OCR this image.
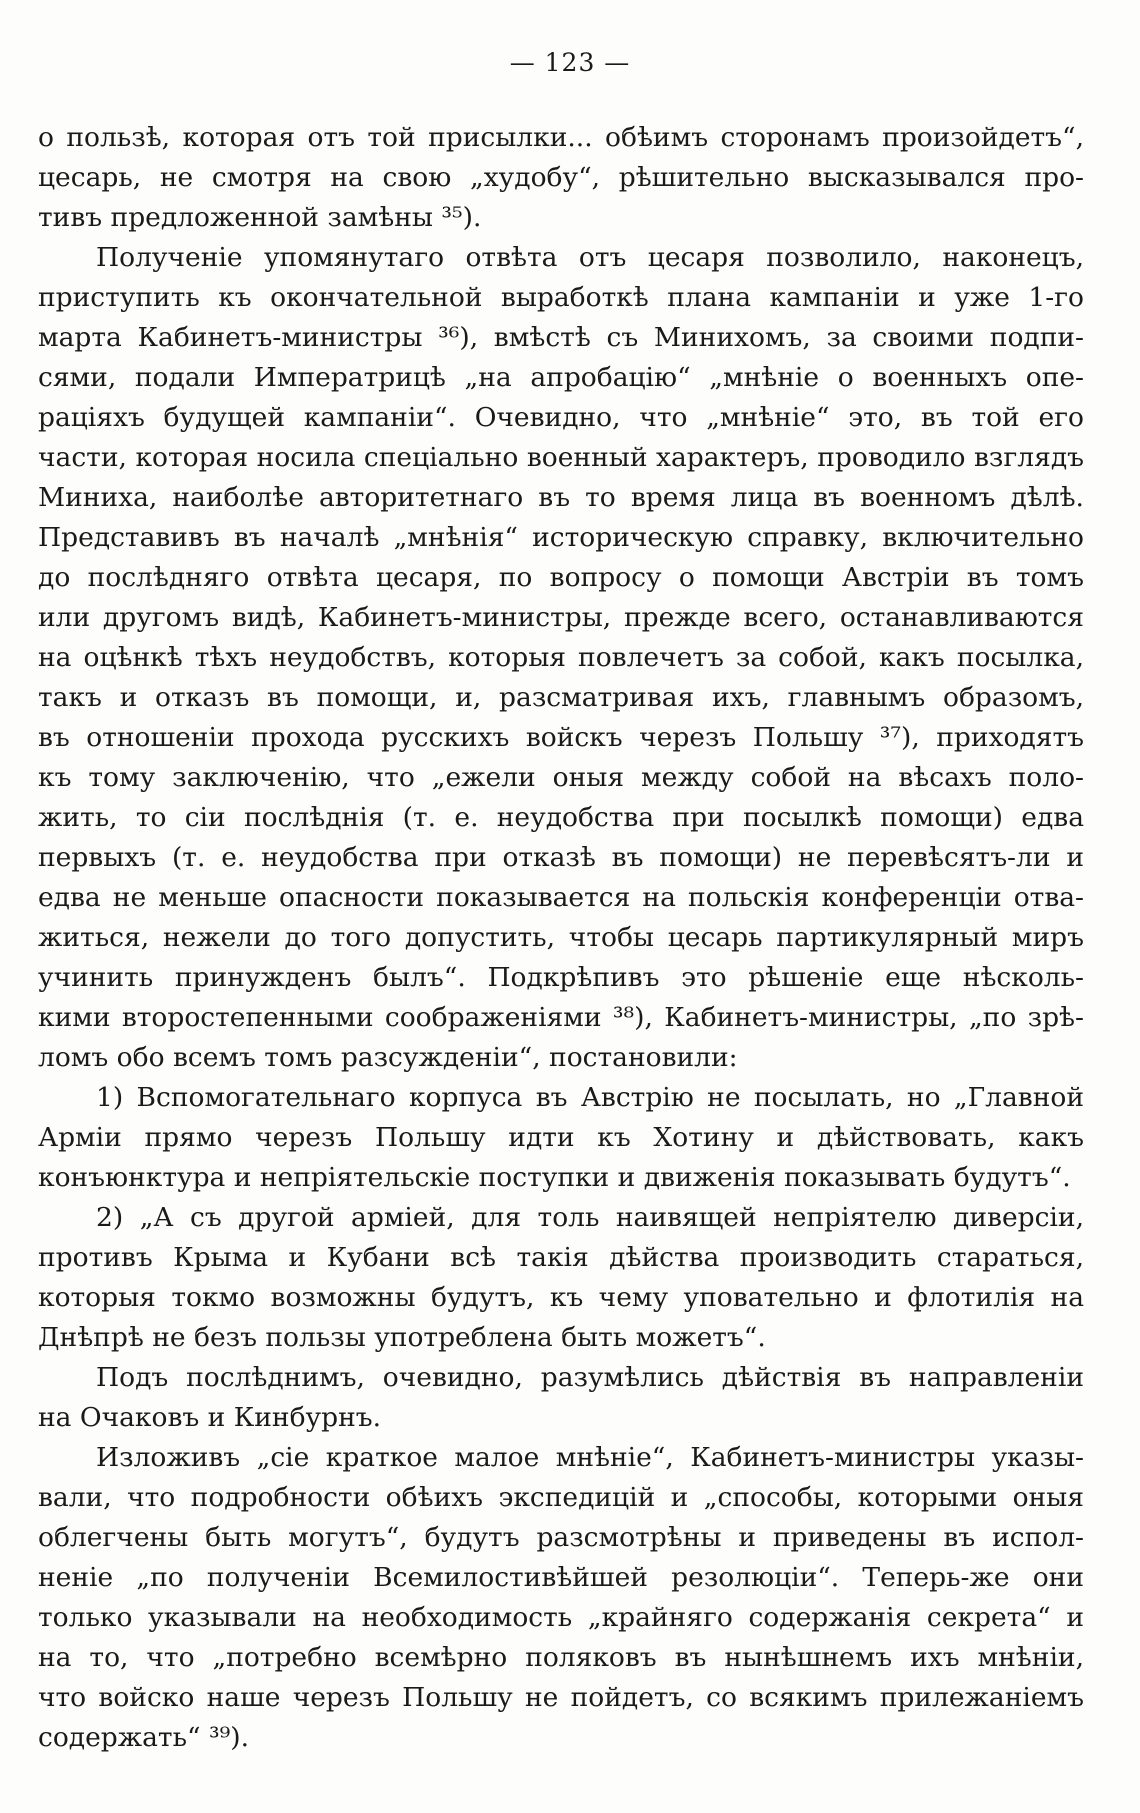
— 123 —

о пользѣ, которая отъ той присылки... обѣимъ сторонамъ произойдетъ“,
цесарь, не смотря на свою „худобу“, рѣшительно высказывался про-
тивъ предложенной замѣны ³⁵).

Полученіе упомянутаго отвѣта отъ цесаря позволило, наконецъ,
приступить къ окончательной выработкѣ плана кампаніи и уже 1-го
марта Кабинетъ-министры ³⁶), вмѣстѣ съ Минихомъ, за своими подпи-
сями, подали Императрицѣ „на апробацію“ „мнѣніе о военныхъ опе-
раціяхъ будущей кампаніи“. Очевидно, что „мнѣніе“ это, въ той его
части, которая носила спеціально военный характеръ, проводило взглядъ
Миниха, наиболѣе авторитетнаго въ то время лица въ военномъ дѣлѣ.
Представивъ въ началѣ „мнѣнія“ историческую справку, включительно
до послѣдняго отвѣта цесаря, по вопросу о помощи Австріи въ томъ
или другомъ видѣ, Кабинетъ-министры, прежде всего, останавливаются
на оцѣнкѣ тѣхъ неудобствъ, которыя повлечетъ за собой, какъ посылка,
такъ и отказъ въ помощи, и, разсматривая ихъ, главнымъ образомъ,
въ отношеніи прохода русскихъ войскъ черезъ Польшу ³⁷), приходятъ
къ тому заключенію, что „ежели оныя между собой на вѣсахъ поло-
жить, то сіи послѣднія (т. е. неудобства при посылкѣ помощи) едва
первыхъ (т. е. неудобства при отказѣ въ помощи) не перевѣсятъ-ли и
едва не меньше опасности показывается на польскія конференціи отва-
житься, нежели до того допустить, чтобы цесарь партикулярный миръ
учинить принужденъ былъ“. Подкрѣпивъ это рѣшеніе еще нѣсколь-
кими второстепенными соображеніями ³⁸), Кабинетъ-министры, „по зрѣ-
ломъ обо всемъ томъ разсужденіи“, постановили:

1) Вспомогательнаго корпуса въ Австрію не посылать, но „Главной
Арміи прямо черезъ Польшу идти къ Хотину и дѣйствовать, какъ
конъюнктура и непріятельскіе поступки и движенія показывать будутъ“.

2) „А съ другой арміей, для толь наивящей непріятелю диверсіи,
противъ Крыма и Кубани всѣ такія дѣйства производить стараться,
которыя токмо возможны будутъ, къ чему уповательно и флотилія на
Днѣпрѣ не безъ пользы употреблена быть можетъ“.

Подъ послѣднимъ, очевидно, разумѣлись дѣйствія въ направленіи
на Очаковъ и Кинбурнъ.

Изложивъ „сіе краткое малое мнѣніе“, Кабинетъ-министры указы-
вали, что подробности обѣихъ экспедицій и „способы, которыми оныя
облегчены быть могутъ“, будутъ разсмотрѣны и приведены въ испол-
неніе „по полученіи Всемилостивѣйшей резолюціи“. Теперь-же они
только указывали на необходимость „крайняго содержанія секрета“ и
на то, что „потребно всемѣрно поляковъ въ нынѣшнемъ ихъ мнѣніи,
что войско наше черезъ Польшу не пойдетъ, со всякимъ прилежаніемъ
содержать“ ³⁹).
